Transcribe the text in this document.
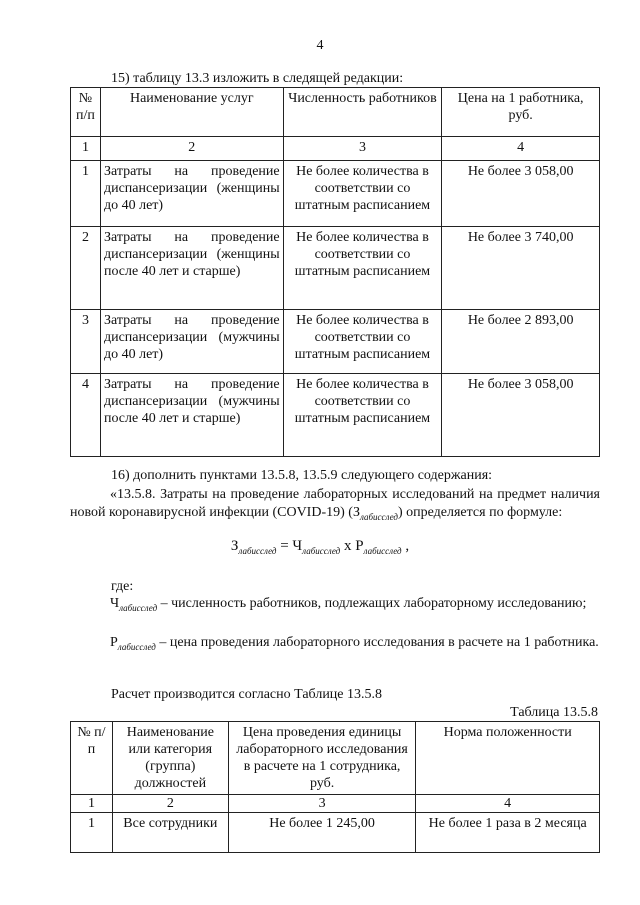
4
15) таблицу 13.3 изложить в следящей редакции:
№ п/п	Наименование услуг	Численность работников	Цена на 1 работника, руб.
1	2	3	4
1	Затраты на проведение диспансеризации (женщины до 40 лет)	Не более количества в соответствии со штатным расписанием	Не более 3 058,00
2	Затраты на проведение диспансеризации (женщины после 40 лет и старше)	Не более количества в соответствии со штатным расписанием	Не более 3 740,00
3	Затраты на проведение диспансеризации (мужчины до 40 лет)	Не более количества в соответствии со штатным расписанием	Не более 2 893,00
4	Затраты на проведение диспансеризации (мужчины после 40 лет и старше)	Не более количества в соответствии со штатным расписанием	Не более 3 058,00
16) дополнить пунктами 13.5.8, 13.5.9 следующего содержания:
«13.5.8. Затраты на проведение лабораторных исследований на предмет наличия новой коронавирусной инфекции (COVID-19) $(З_{лабисслед})$ определяется по формуле:
$З_{лабисслед} = Ч_{лабисслед}$ x $Р_{лабисслед}$ ,
где:
$Ч_{лабисслед}$ – численность работников, подлежащих лабораторному исследованию;
$Р_{лабисслед}$ – цена проведения лабораторного исследования в расчете на 1 работника.
Расчет производится согласно Таблице 13.5.8
Таблица 13.5.8
№ п/п	Наименование или категория (группа) должностей	Цена проведения единицы лабораторного исследования в расчете на 1 сотрудника, руб.	Норма положенности
1	2	3	4
1	Все сотрудники	Не более 1 245,00	Не более 1 раза в 2 месяца
